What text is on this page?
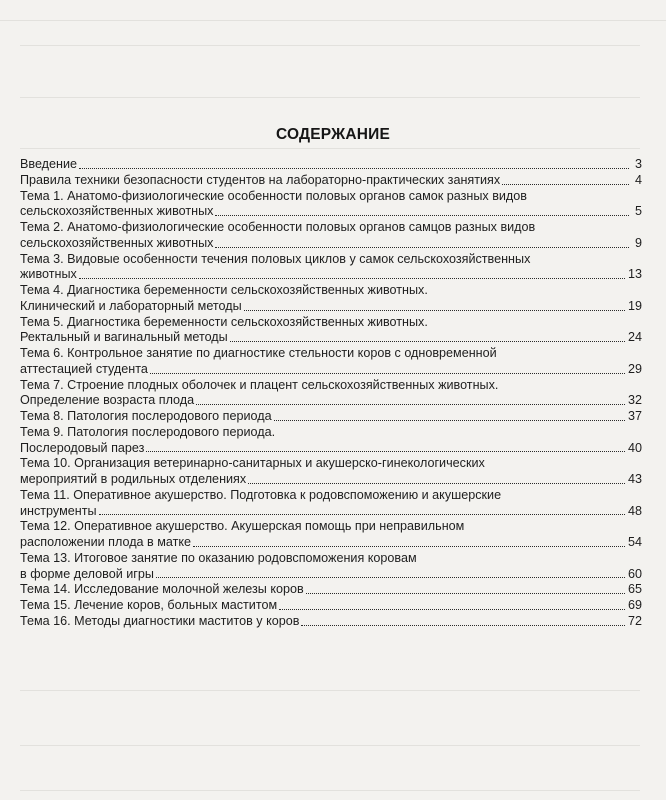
СОДЕРЖАНИЕ
Введение	3
Правила техники безопасности студентов на лабораторно-практических занятиях	4
Тема 1. Анатомо-физиологические особенности половых органов самок разных видов
сельскохозяйственных животных	5
Тема 2. Анатомо-физиологические особенности половых органов самцов разных видов
сельскохозяйственных животных	9
Тема 3. Видовые особенности течения половых циклов у самок сельскохозяйственных
животных	13
Тема 4. Диагностика беременности сельскохозяйственных животных.
Клинический и лабораторный методы	19
Тема 5. Диагностика беременности сельскохозяйственных животных.
Ректальный и вагинальный методы	24
Тема 6. Контрольное занятие по диагностике стельности коров с одновременной
аттестацией студента	29
Тема 7. Строение плодных оболочек и плацент сельскохозяйственных животных.
Определение возраста плода	32
Тема 8. Патология послеродового периода	37
Тема 9. Патология послеродового периода.
Послеродовый парез	40
Тема 10. Организация ветеринарно-санитарных и акушерско-гинекологических
мероприятий в родильных отделениях	43
Тема 11. Оперативное акушерство. Подготовка к родовспоможению и акушерские
инструменты	48
Тема 12. Оперативное акушерство. Акушерская помощь при неправильном
расположении плода в матке	54
Тема 13. Итоговое занятие по оказанию родовспоможения коровам
в форме деловой игры	60
Тема 14. Исследование молочной железы коров	65
Тема 15. Лечение коров, больных маститом	69
Тема 16. Методы диагностики маститов у коров	72
